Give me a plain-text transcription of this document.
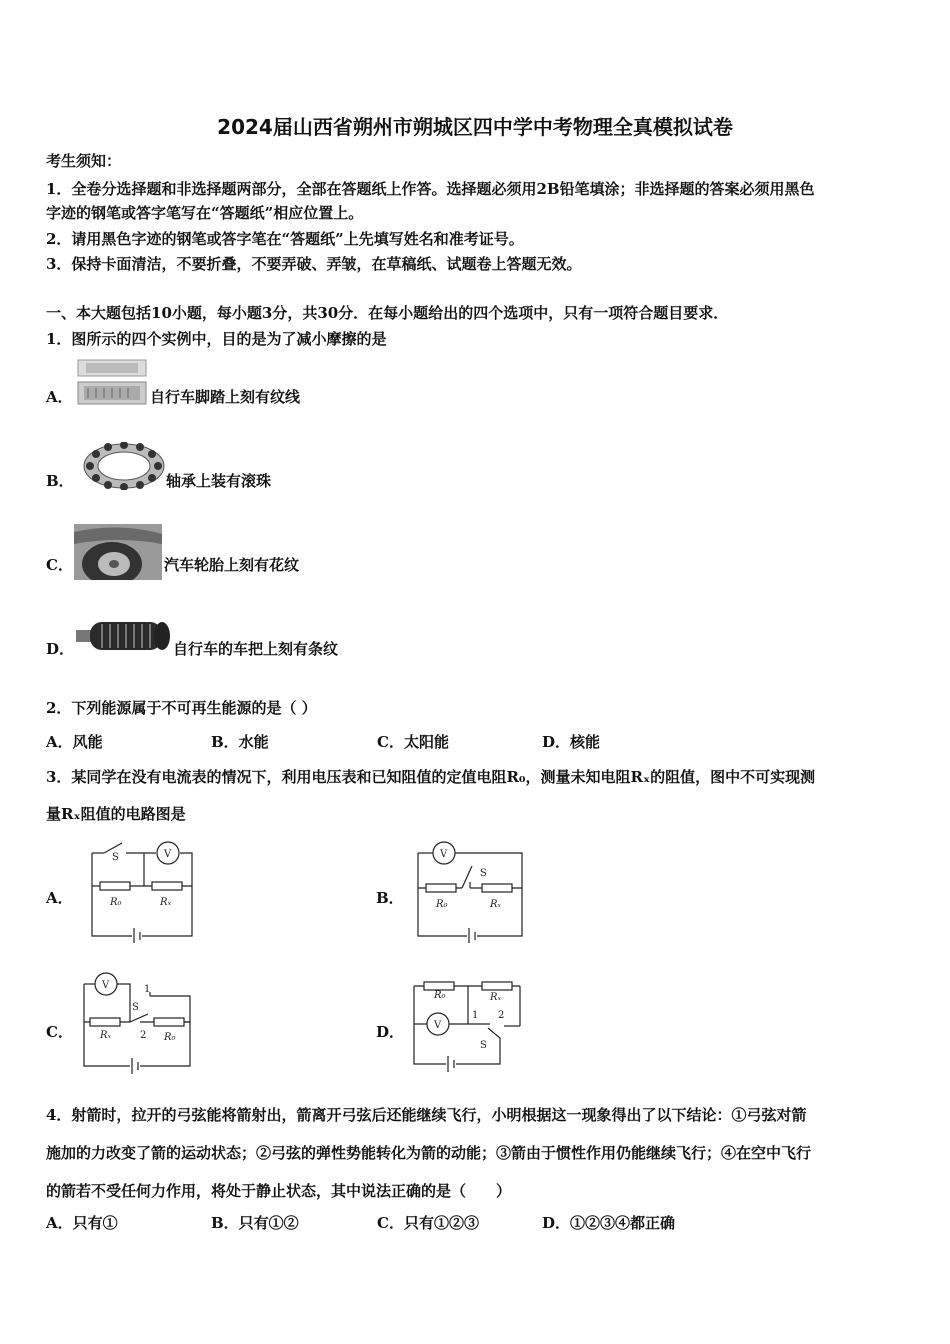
2024届山西省朔州市朔城区四中学中考物理全真模拟试卷
考生须知：
1．全卷分选择题和非选择题两部分，全部在答题纸上作答。选择题必须用2B铅笔填涂；非选择题的答案必须用黑色
字迹的钢笔或答字笔写在“答题纸”相应位置上。
2．请用黑色字迹的钢笔或答字笔在“答题纸”上先填写姓名和准考证号。
3．保持卡面清洁，不要折叠，不要弄破、弄皱，在草稿纸、试题卷上答题无效。
一、本大题包括10小题，每小题3分，共30分．在每小题给出的四个选项中，只有一项符合题目要求．
1．图所示的四个实例中，目的是为了减小摩擦的是
A．	自行车脚踏上刻有纹线
B．	轴承上装有滚珠
C．	汽车轮胎上刻有花纹
D．	自行车的车把上刻有条纹
2．下列能源属于不可再生能源的是（ ）
A．风能	B．水能	C．太阳能	D．核能
3．某同学在没有电流表的情况下，利用电压表和已知阻值的定值电阻R₀，测量未知电阻Rₓ的阻值，图中不可实现测
量Rₓ阻值的电路图是
A．
S	V
R₀	Rₓ	B．
V
S
R₀	Rₓ
C．
V
S
1
2
Rₓ	R₀	D．
R₀	Rₓ
V
1 2
S
4．射箭时，拉开的弓弦能将箭射出，箭离开弓弦后还能继续飞行，小明根据这一现象得出了以下结论：①弓弦对箭
施加的力改变了箭的运动状态；②弓弦的弹性势能转化为箭的动能；③箭由于惯性作用仍能继续飞行；④在空中飞行
的箭若不受任何力作用，将处于静止状态，其中说法正确的是（　　）
A．只有①	B．只有①②	C．只有①②③	D．①②③④都正确
